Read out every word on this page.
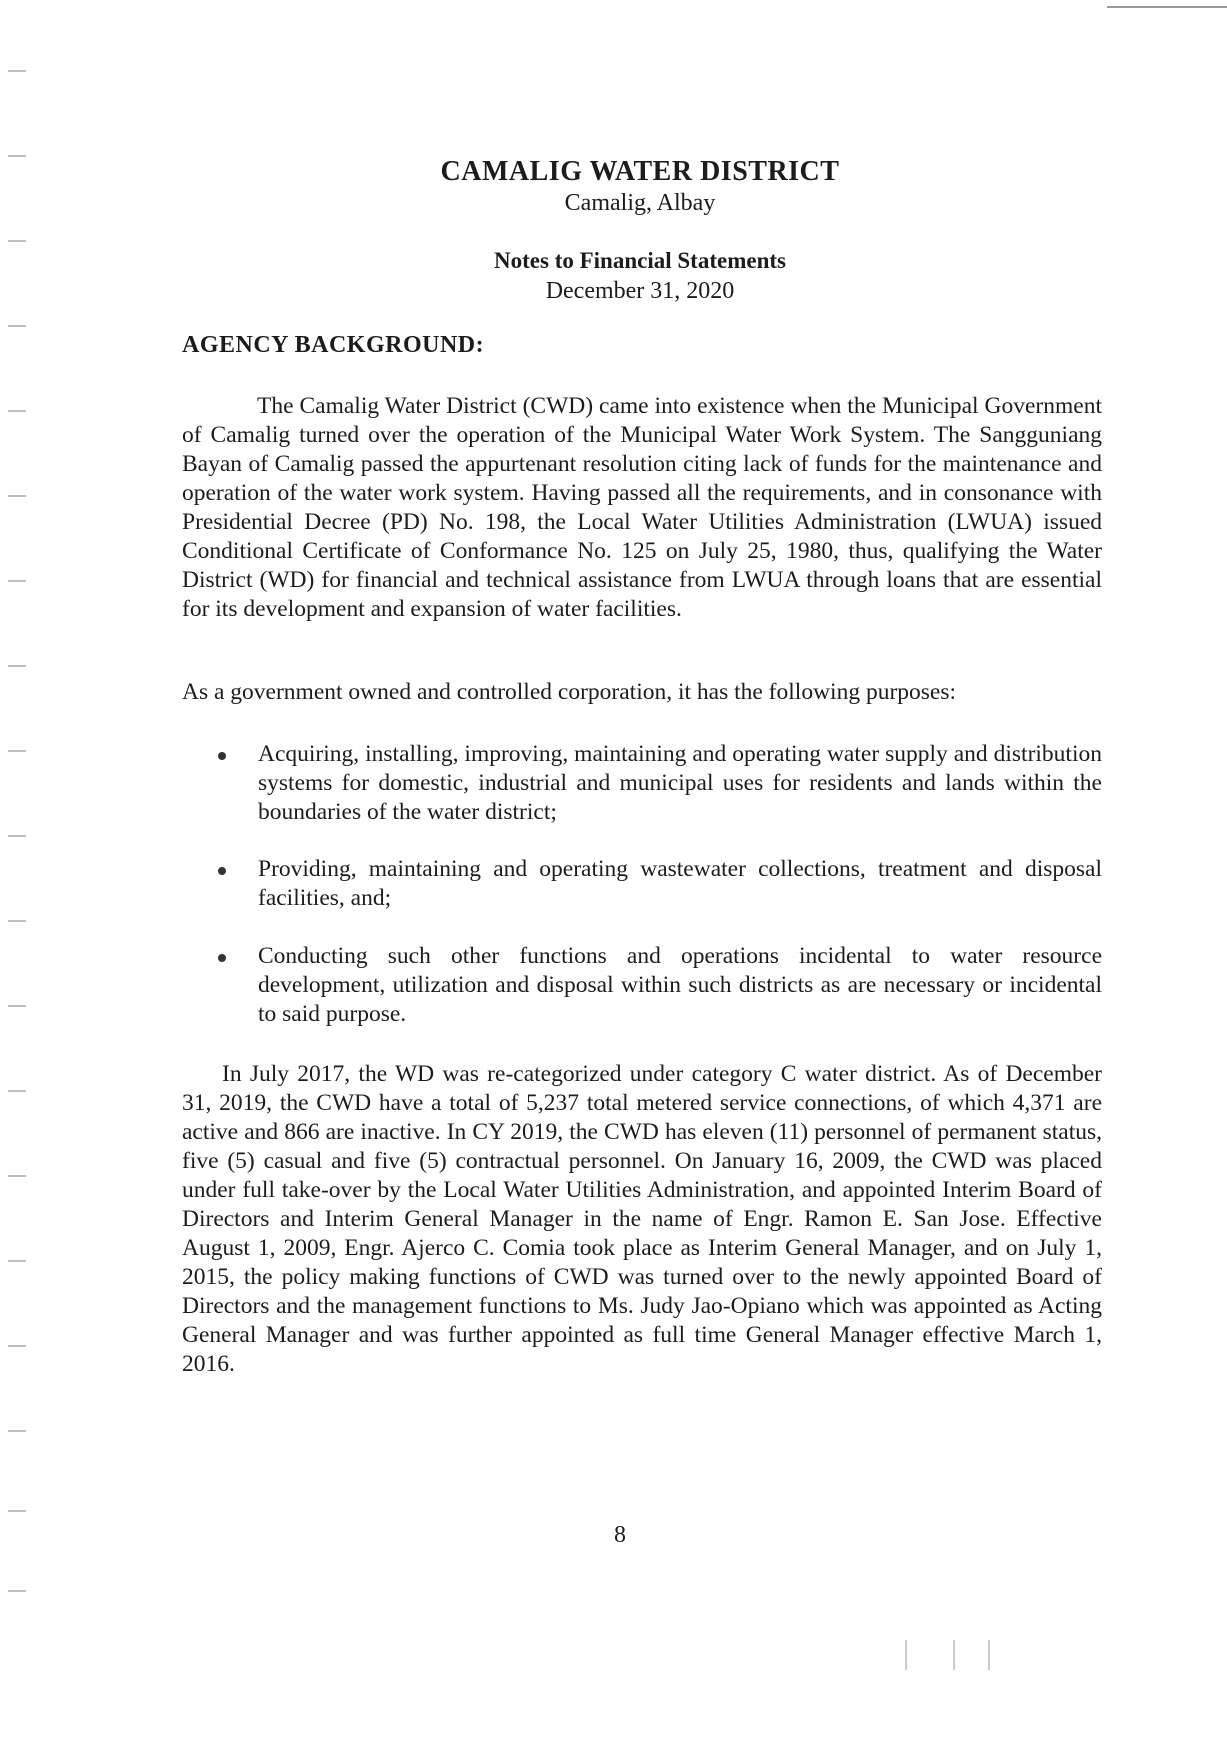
CAMALIG WATER DISTRICT
Camalig, Albay
Notes to Financial Statements
December 31, 2020
AGENCY BACKGROUND:
The Camalig Water District (CWD) came into existence when the Municipal Government of Camalig turned over the operation of the Municipal Water Work System. The Sangguniang Bayan of Camalig passed the appurtenant resolution citing lack of funds for the maintenance and operation of the water work system. Having passed all the requirements, and in consonance with Presidential Decree (PD) No. 198, the Local Water Utilities Administration (LWUA) issued Conditional Certificate of Conformance No. 125 on July 25, 1980, thus, qualifying the Water District (WD) for financial and technical assistance from LWUA through loans that are essential for its development and expansion of water facilities.
As a government owned and controlled corporation, it has the following purposes:
Acquiring, installing, improving, maintaining and operating water supply and distribution systems for domestic, industrial and municipal uses for residents and lands within the boundaries of the water district;
Providing, maintaining and operating wastewater collections, treatment and disposal facilities, and;
Conducting such other functions and operations incidental to water resource development, utilization and disposal within such districts as are necessary or incidental to said purpose.
In July 2017, the WD was re-categorized under category C water district. As of December 31, 2019, the CWD have a total of 5,237 total metered service connections, of which 4,371 are active and 866 are inactive. In CY 2019, the CWD has eleven (11) personnel of permanent status, five (5) casual and five (5) contractual personnel. On January 16, 2009, the CWD was placed under full take-over by the Local Water Utilities Administration, and appointed Interim Board of Directors and Interim General Manager in the name of Engr. Ramon E. San Jose. Effective August 1, 2009, Engr. Ajerco C. Comia took place as Interim General Manager, and on July 1, 2015, the policy making functions of CWD was turned over to the newly appointed Board of Directors and the management functions to Ms. Judy Jao-Opiano which was appointed as Acting General Manager and was further appointed as full time General Manager effective March 1, 2016.
8
